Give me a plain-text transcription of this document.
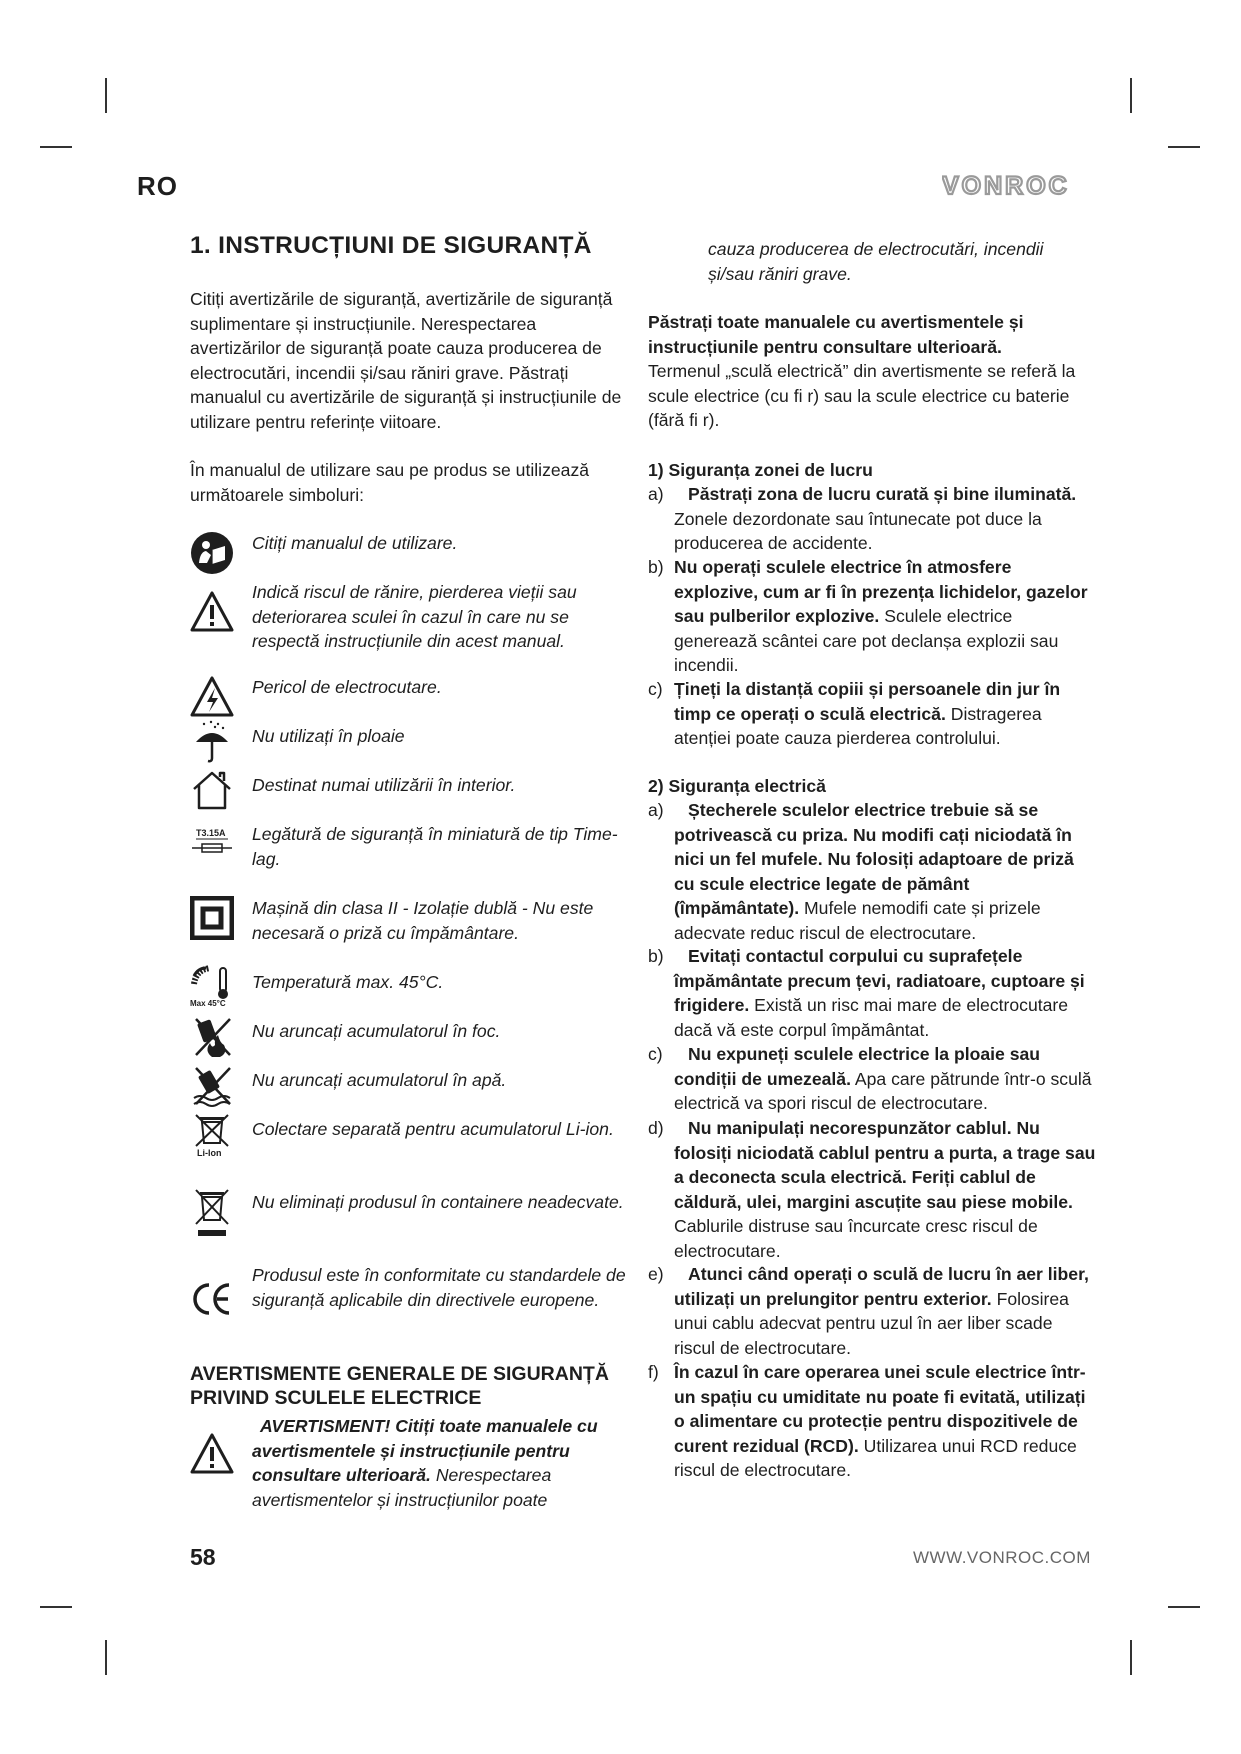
RO	VONROC
1. INSTRUCȚIUNI DE SIGURANȚĂ

Citiți avertizările de siguranță, avertizările de siguranță suplimentare și instrucțiunile. Nerespectarea avertizărilor de siguranță poate cauza producerea de electrocutări, incendii și/sau răniri grave. Păstrați manualul cu avertizările de siguranță și instrucțiunile de utilizare pentru referințe viitoare.

În manualul de utilizare sau pe produs se utilizează următoarele simboluri:

Citiți manualul de utilizare.
Indică riscul de rănire, pierderea vieții sau deteriorarea sculei în cazul în care nu se respectă instrucțiunile din acest manual.
Pericol de electrocutare.
Nu utilizați în ploaie
Destinat numai utilizării în interior.
T3.15A Legătură de siguranță în miniatură de tip Time-lag.
Mașină din clasa II - Izolație dublă - Nu este necesară o priză cu împământare.
Max 45°C
Temperatură max. 45°C.
Nu aruncați acumulatorul în foc.
Nu aruncați acumulatorul în apă.
Li-Ion
Colectare separată pentru acumulatorul Li-ion.
Nu eliminați produsul în containere neadecvate.
Produsul este în conformitate cu standardele de siguranță aplicabile din directivele europene.
AVERTISMENTE GENERALE DE SIGURANȚĂ PRIVIND SCULELE ELECTRICE
AVERTISMENT! Citiți toate manualele cu avertismentele și instrucțiunile pentru consultare ulterioară. Nerespectarea avertismentelor și instrucțiunilor poate

cauza producerea de electrocutări, incendii și/sau răniri grave.

Păstrați toate manualele cu avertismentele și instrucțiunile pentru consultare ulterioară.
Termenul „sculă electrică” din avertismente se referă la scule electrice (cu fi r) sau la scule electrice cu baterie (fără fi r).

1) Siguranța zonei de lucru
a)	Păstrați zona de lucru curată și bine iluminată. Zonele dezordonate sau întunecate pot duce la producerea de accidente.
b) Nu operați sculele electrice în atmosfere explozive, cum ar fi în prezența lichidelor, gazelor sau pulberilor explozive. Sculele electrice generează scântei care pot declanșa explozii sau incendii.
c) Țineți la distanță copiii și persoanele din jur în timp ce operați o sculă electrică. Distragerea atenției poate cauza pierderea controlului.
2) Siguranța electrică
a)	Ștecherele sculelor electrice trebuie să se potrivească cu priza. Nu modifi cați niciodată în nici un fel mufele. Nu folosiți adaptoare de priză cu scule electrice legate de pământ (împământate). Mufele nemodifi cate și prizele adecvate reduc riscul de electrocutare.
b)	Evitați contactul corpului cu suprafețele împământate precum țevi, radiatoare, cuptoare și frigidere. Există un risc mai mare de electrocutare dacă vă este corpul împământat.
c)	Nu expuneți sculele electrice la ploaie sau condiții de umezeală. Apa care pătrunde într-o sculă electrică va spori riscul de electrocutare.
d)	Nu manipulați necorespunzător cablul. Nu folosiți niciodată cablul pentru a purta, a trage sau a deconecta scula electrică. Feriți cablul de căldură, ulei, margini ascuțite sau piese mobile. Cablurile distruse sau încurcate cresc riscul de electrocutare.
e)	Atunci când operați o sculă de lucru în aer liber, utilizați un prelungitor pentru exterior. Folosirea unui cablu adecvat pentru uzul în aer liber scade riscul de electrocutare.
f) În cazul în care operarea unei scule electrice într-un spațiu cu umiditate nu poate fi evitată, utilizați o alimentare cu protecție pentru dispozitivele de curent rezidual (RCD). Utilizarea unui RCD reduce riscul de electrocutare.
58	WWW.VONROC.COM
